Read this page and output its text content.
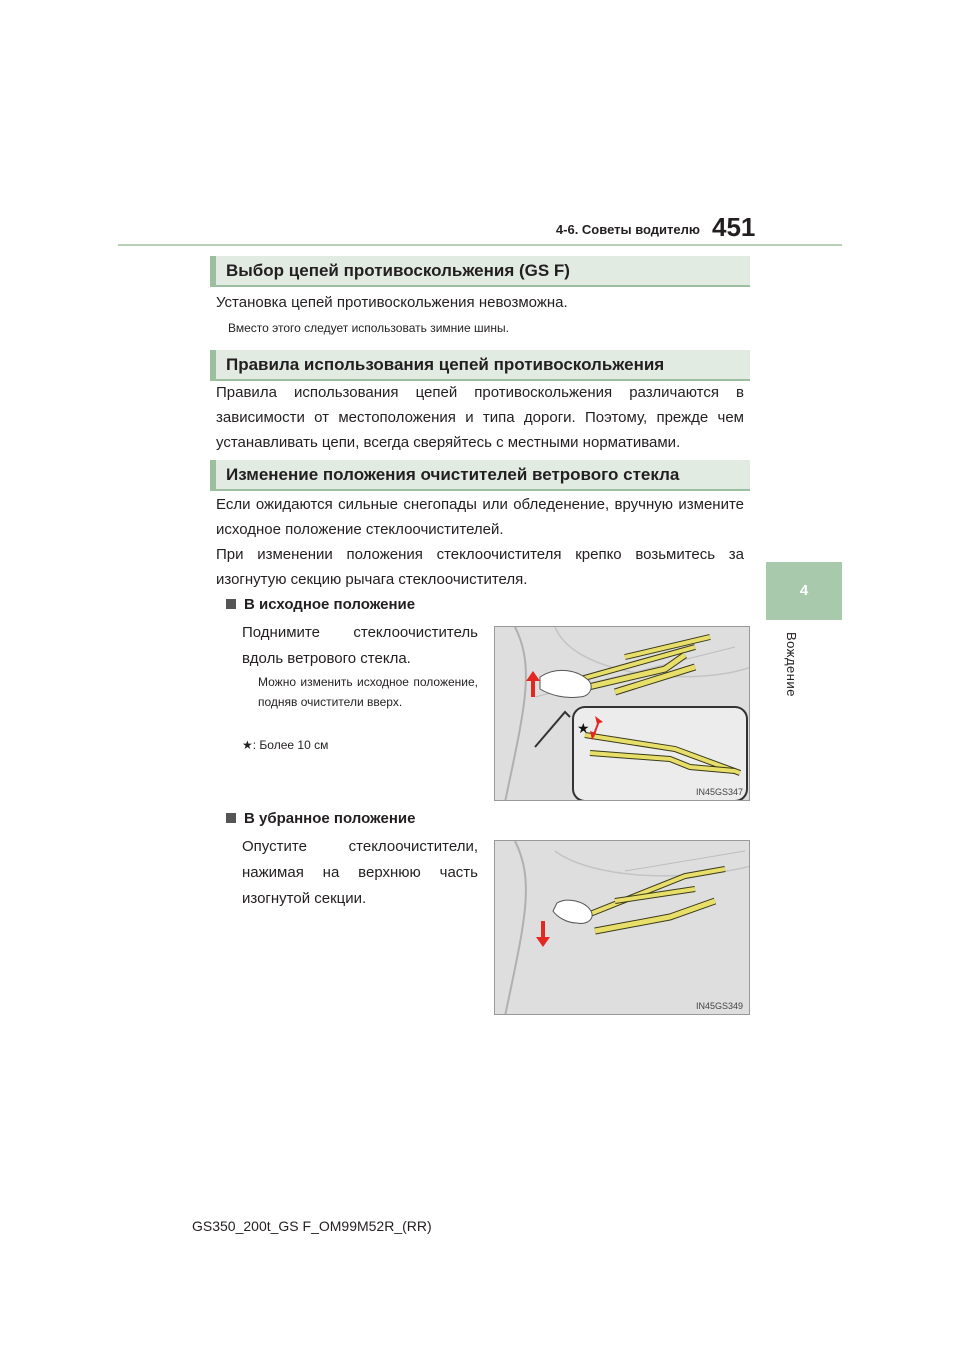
4-6. Советы водителю 451
4
Вождение
Выбор цепей противоскольжения (GS F)
Установка цепей противоскольжения невозможна.
Вместо этого следует использовать зимние шины.
Правила использования цепей противоскольжения
Правила использования цепей противоскольжения различаются в зависимости от местоположения и типа дороги. Поэтому, прежде чем устанавливать цепи, всегда сверяйтесь с местными нормативами.
Изменение положения очистителей ветрового стекла
Если ожидаются сильные снегопады или обледенение, вручную измените исходное положение стеклоочистителей.
При изменении положения стеклоочистителя крепко возьмитесь за изогнутую секцию рычага стеклоочистителя.
В исходное положение
Поднимите стеклоочиститель вдоль ветрового стекла.
Можно изменить исходное положение, подняв очистители вверх.
★: Более 10 см
★
IN45GS347
В убранное положение
Опустите стеклоочистители, нажимая на верхнюю часть изогнутой секции.
IN45GS349
GS350_200t_GS F_OM99M52R_(RR)
